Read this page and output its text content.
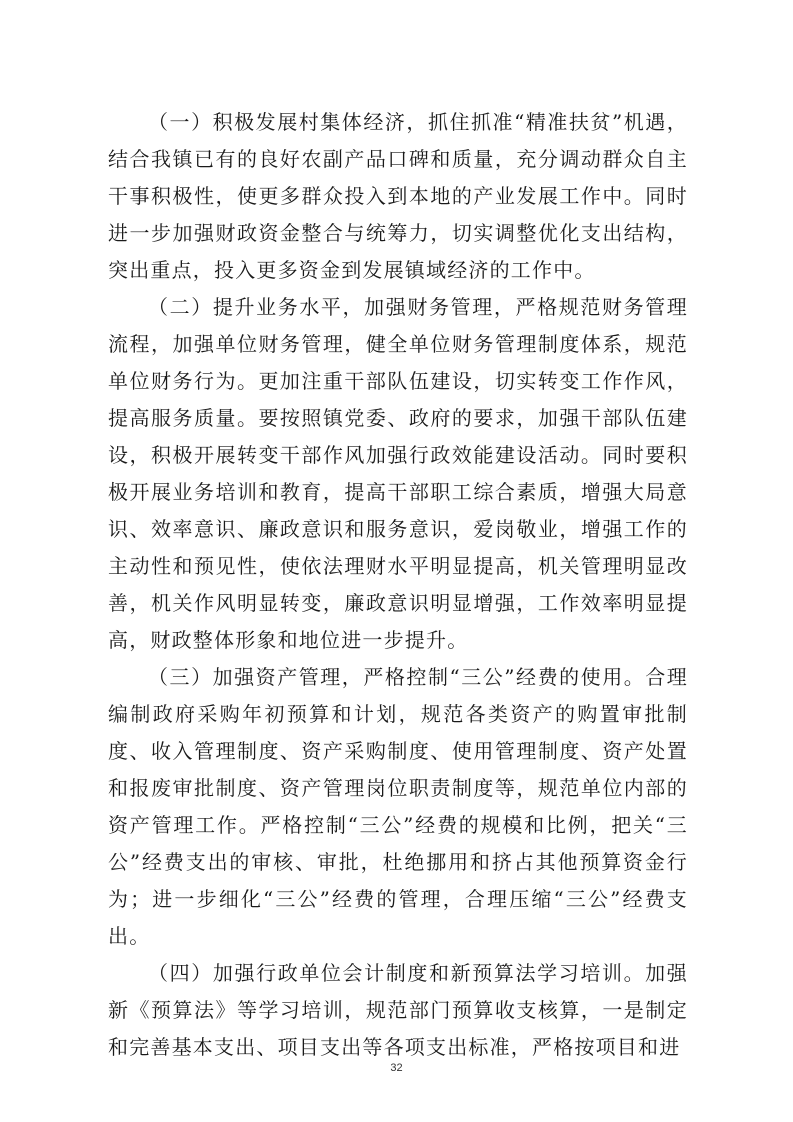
（一）积极发展村集体经济，抓住抓准“精准扶贫”机遇，结合我镇已有的良好农副产品口碑和质量，充分调动群众自主干事积极性，使更多群众投入到本地的产业发展工作中。同时进一步加强财政资金整合与统筹力，切实调整优化支出结构，突出重点，投入更多资金到发展镇域经济的工作中。

（二）提升业务水平，加强财务管理，严格规范财务管理流程，加强单位财务管理，健全单位财务管理制度体系，规范单位财务行为。更加注重干部队伍建设，切实转变工作作风，提高服务质量。要按照镇党委、政府的要求，加强干部队伍建设，积极开展转变干部作风加强行政效能建设活动。同时要积极开展业务培训和教育，提高干部职工综合素质，增强大局意识、效率意识、廉政意识和服务意识，爱岗敬业，增强工作的主动性和预见性，使依法理财水平明显提高，机关管理明显改善，机关作风明显转变，廉政意识明显增强，工作效率明显提高，财政整体形象和地位进一步提升。

（三）加强资产管理，严格控制“三公”经费的使用。合理编制政府采购年初预算和计划，规范各类资产的购置审批制度、收入管理制度、资产采购制度、使用管理制度、资产处置和报废审批制度、资产管理岗位职责制度等，规范单位内部的资产管理工作。严格控制“三公”经费的规模和比例，把关“三公”经费支出的审核、审批，杜绝挪用和挤占其他预算资金行为；进一步细化“三公”经费的管理，合理压缩“三公”经费支出。

（四）加强行政单位会计制度和新预算法学习培训。加强新《预算法》等学习培训，规范部门预算收支核算，一是制定和完善基本支出、项目支出等各项支出标准，严格按项目和进

32
